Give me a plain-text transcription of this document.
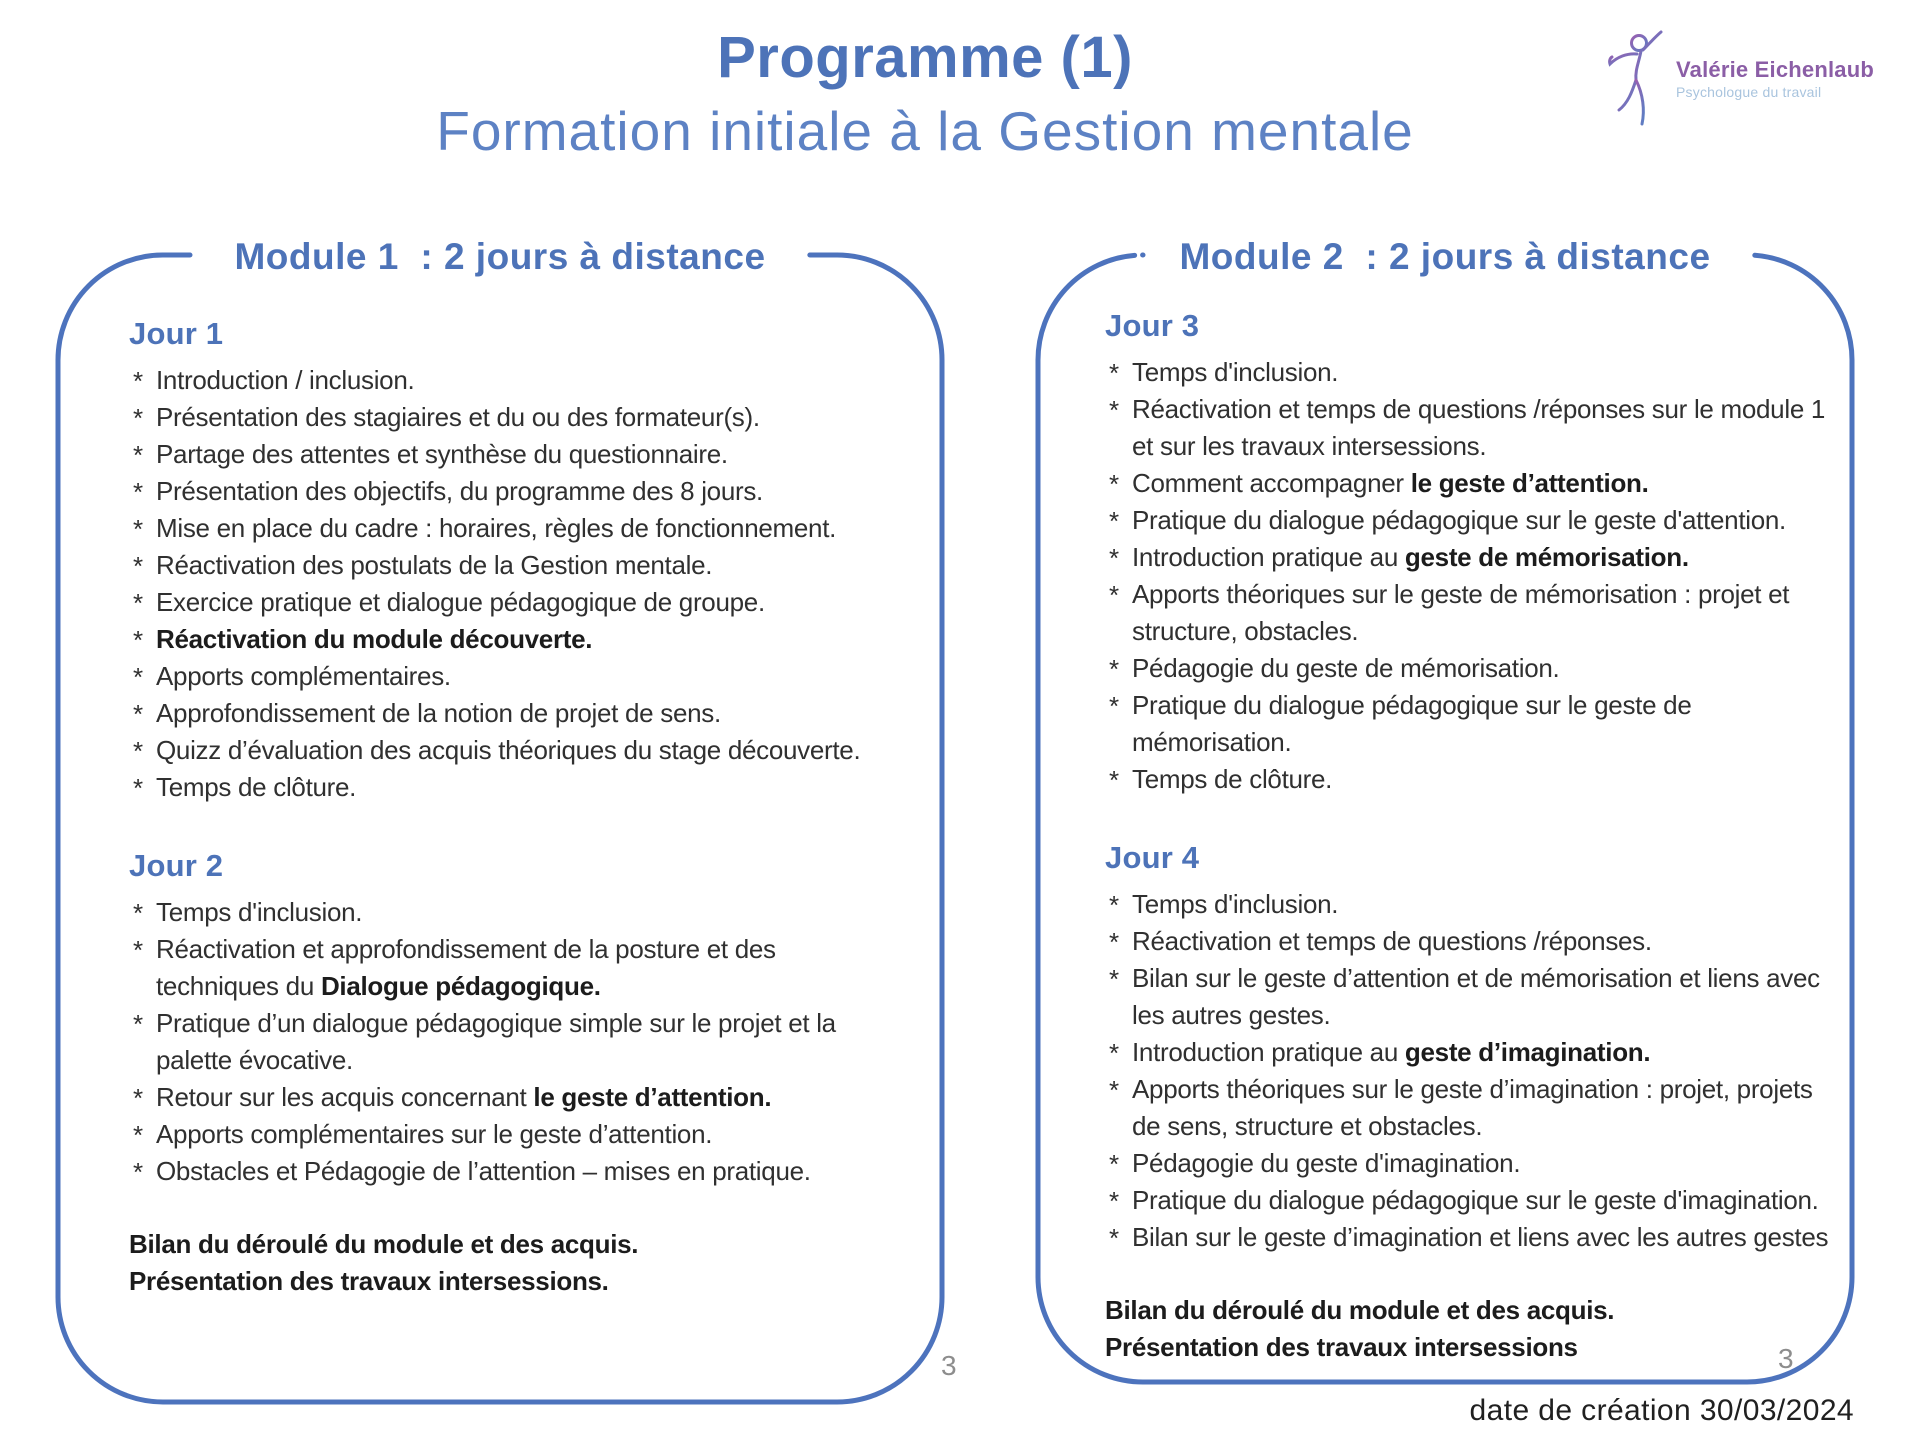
Programme (1)
Formation initiale à la Gestion mentale
Valérie Eichenlaub
Psychologue du travail
Module 1  : 2 jours à distance
Jour 1
* Introduction / inclusion.
* Présentation des stagiaires et du ou des formateur(s).
* Partage des attentes et synthèse du questionnaire.
* Présentation des objectifs, du programme des 8 jours.
* Mise en place du cadre : horaires, règles de fonctionnement.
* Réactivation des postulats de la Gestion mentale.
* Exercice pratique et dialogue pédagogique de groupe.
* Réactivation du module découverte.
* Apports complémentaires.
* Approfondissement de la notion de projet de sens.
* Quizz d’évaluation des acquis théoriques du stage découverte.
* Temps de clôture.
Jour 2
* Temps d'inclusion.
* Réactivation et approfondissement de la posture et des techniques du Dialogue pédagogique.
* Pratique d’un dialogue pédagogique simple sur le projet et la palette évocative.
* Retour sur les acquis concernant le geste d’attention.
* Apports complémentaires sur le geste d’attention.
* Obstacles et Pédagogie de l’attention – mises en pratique.

Bilan du déroulé du module et des acquis.

Présentation des travaux intersessions.

Module 2  : 2 jours à distance
Jour 3
* Temps d'inclusion.
* Réactivation et temps de questions /réponses sur le module 1 et sur les travaux intersessions.
* Comment accompagner le geste d’attention.
* Pratique du dialogue pédagogique sur le geste d'attention.
* Introduction pratique au geste de mémorisation.
* Apports théoriques sur le geste de mémorisation : projet et structure, obstacles.
* Pédagogie du geste de mémorisation.
* Pratique du dialogue pédagogique sur le geste de mémorisation.
* Temps de clôture.
Jour 4
* Temps d'inclusion.
* Réactivation et temps de questions /réponses.
* Bilan sur le geste d’attention et de mémorisation et liens avec les autres gestes.
* Introduction pratique au geste d’imagination.
* Apports théoriques sur le geste d’imagination : projet, projets de sens, structure et obstacles.
* Pédagogie du geste d'imagination.
* Pratique du dialogue pédagogique sur le geste d'imagination.
* Bilan sur le geste d’imagination et liens avec les autres gestes

Bilan du déroulé du module et des acquis.

Présentation des travaux intersessions

3	3
date de création 30/03/2024
